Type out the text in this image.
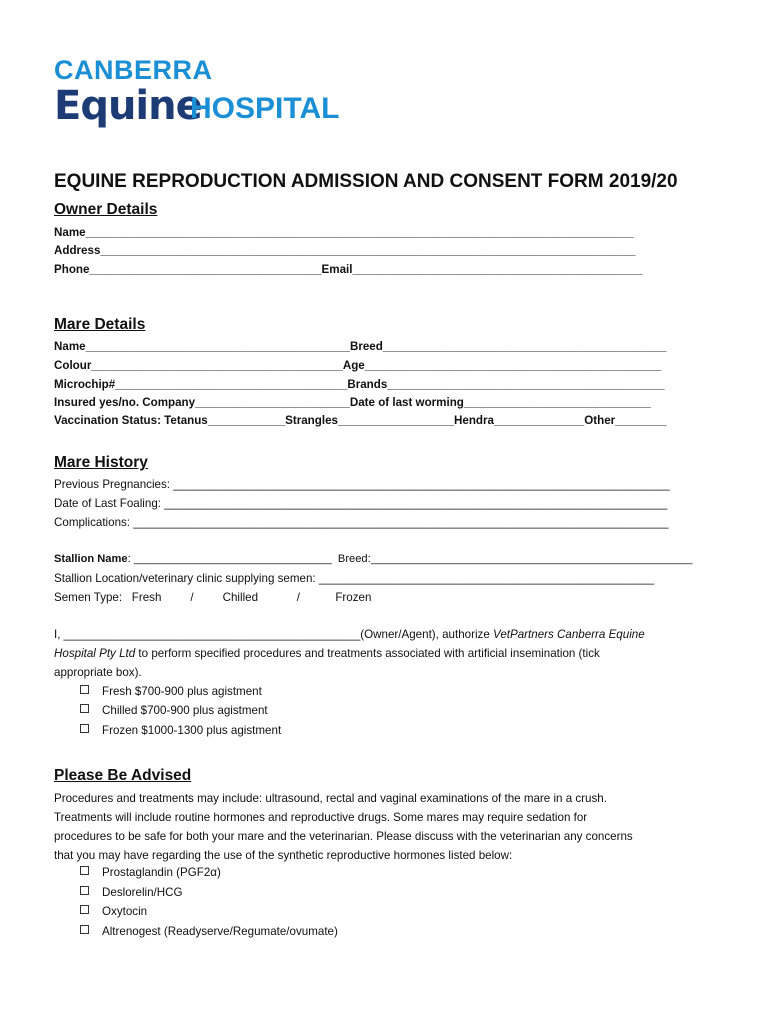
CANBERRA
Equine
HOSPITAL
EQUINE REPRODUCTION ADMISSION AND CONSENT FORM 2019/20
Owner Details
Name_____________________________________________________________________________________
Address___________________________________________________________________________________
Phone____________________________________Email_____________________________________________
Mare Details
Name_________________________________________Breed____________________________________________
Colour_______________________________________Age______________________________________________
Microchip#____________________________________Brands___________________________________________
Insured yes/no. Company________________________Date of last worming_____________________________
Vaccination Status: Tetanus____________Strangles__________________Hendra______________Other________
Mare History
Previous Pregnancies: _____________________________________________________________________________
Date of Last Foaling: ______________________________________________________________________________
Complications: ___________________________________________________________________________________
Stallion Name: ________________________________  Breed:____________________________________________________
Stallion Location/veterinary clinic supplying semen: ____________________________________________________
Semen Type:   Fresh         /         Chilled            /           Frozen
I, ______________________________________________(Owner/Agent), authorize VetPartners Canberra Equine
Hospital Pty Ltd to perform specified procedures and treatments associated with artificial insemination (tick
appropriate box).
Fresh $700-900 plus agistment
Chilled $700-900 plus agistment
Frozen $1000-1300 plus agistment
Please Be Advised
Procedures and treatments may include: ultrasound, rectal and vaginal examinations of the mare in a crush.
Treatments will include routine hormones and reproductive drugs. Some mares may require sedation for
procedures to be safe for both your mare and the veterinarian. Please discuss with the veterinarian any concerns
that you may have regarding the use of the synthetic reproductive hormones listed below:
Prostaglandin (PGF2α)
Deslorelin/HCG
Oxytocin
Altrenogest (Readyserve/Regumate/ovumate)
